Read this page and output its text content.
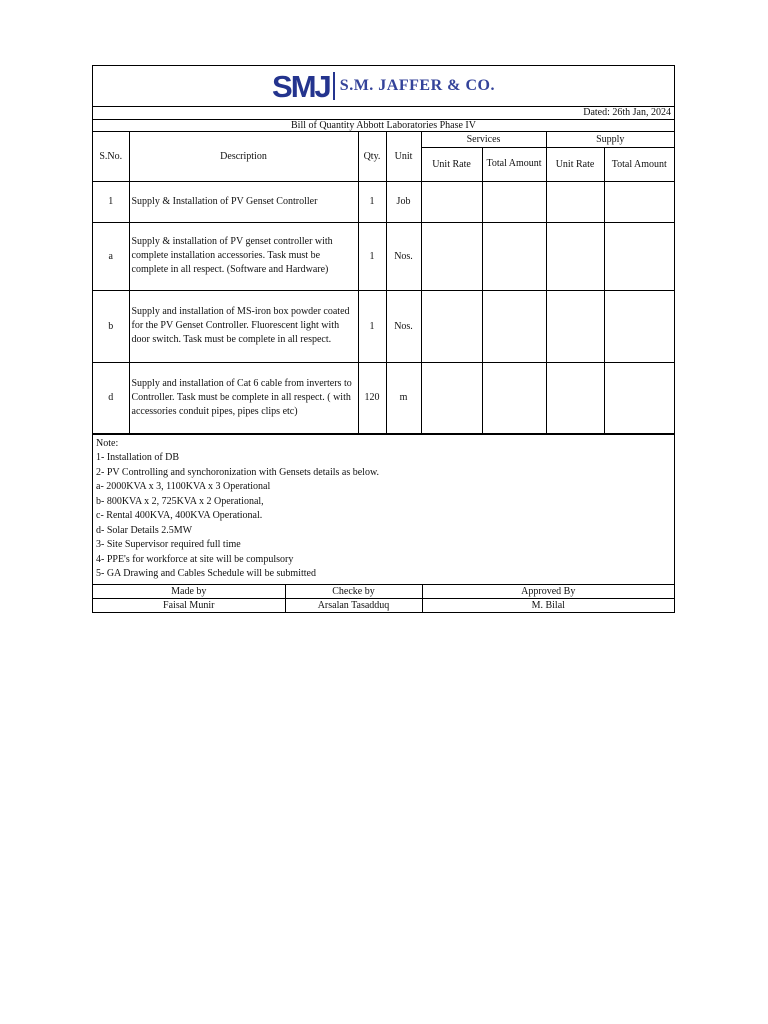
SMJ S.M. JAFFER & CO.
Dated: 26th Jan, 2024
Bill of Quantity Abbott Laboratories Phase IV
S.No.	Description	Qty.	Unit	Services		Supply	
				Unit Rate	Total Amount	Unit Rate	Total Amount
1	Supply & Installation of PV Genset Controller	1	Job				
a	Supply & installation of PV genset controller with complete installation accessories. Task must be complete in all respect. (Software and Hardware)	1	Nos.				
b	Supply and installation of MS-iron box powder coated for the PV Genset Controller. Fluorescent light with door switch. Task must be complete in all respect.	1	Nos.				
d	Supply and installation of Cat 6 cable from inverters to Controller. Task must be complete in all respect. ( with accessories conduit pipes, pipes clips etc)	120	m				
Note:
1- Installation of DB
2- PV Controlling and synchoronization with Gensets details as below.
a- 2000KVA x 3, 1100KVA x 3 Operational
b- 800KVA x 2, 725KVA x 2 Operational,
c- Rental 400KVA, 400KVA Operational.
d- Solar Details 2.5MW
3- Site Supervisor required full time
4- PPE's for workforce at site will be compulsory
5- GA Drawing and Cables Schedule will be submitted
Made by	Checke by	Approved By
Faisal Munir	Arsalan Tasadduq	M. Bilal
